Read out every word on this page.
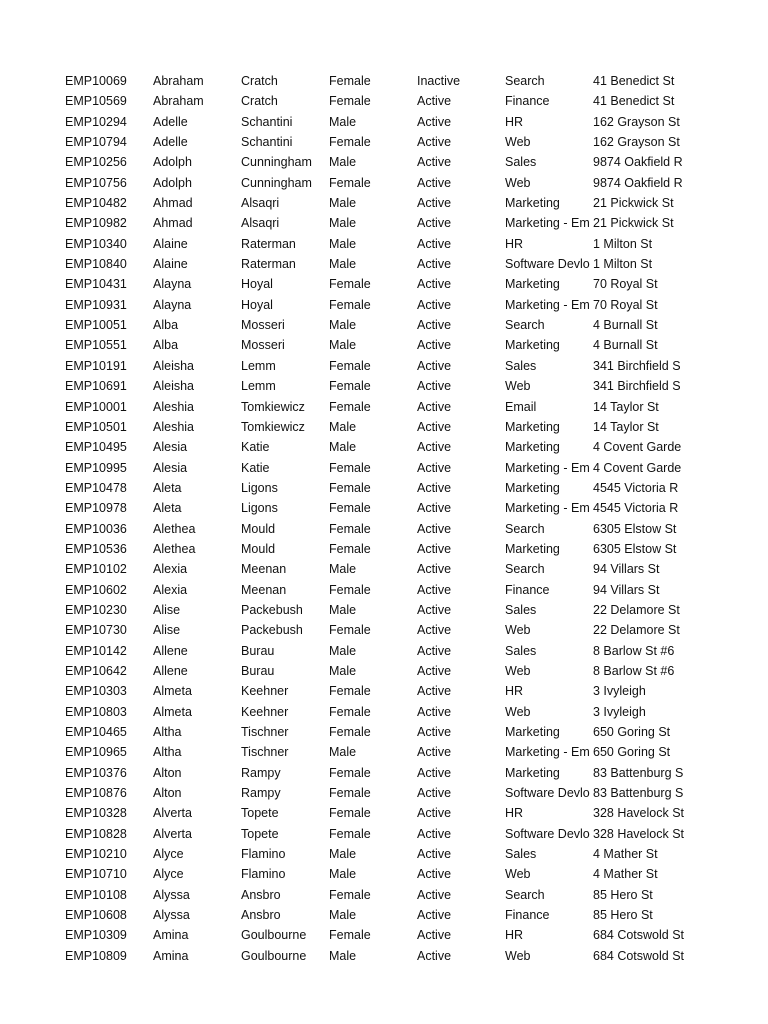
EMP10069	Abraham	Cratch	Female	Inactive	Search	41 Benedict St
EMP10569	Abraham	Cratch	Female	Active	Finance	41 Benedict St
EMP10294	Adelle	Schantini	Male	Active	HR	162 Grayson St
EMP10794	Adelle	Schantini	Female	Active	Web	162 Grayson St
EMP10256	Adolph	Cunningham	Male	Active	Sales	9874 Oakfield R
EMP10756	Adolph	Cunningham	Female	Active	Web	9874 Oakfield R
EMP10482	Ahmad	Alsaqri	Male	Active	Marketing	21 Pickwick St
EMP10982	Ahmad	Alsaqri	Male	Active	Marketing - Em 21 Pickwick St
EMP10340	Alaine	Raterman	Male	Active	HR	1 Milton St
EMP10840	Alaine	Raterman	Male	Active	Software Devlo 1 Milton St
EMP10431	Alayna	Hoyal	Female	Active	Marketing	70 Royal St
EMP10931	Alayna	Hoyal	Female	Active	Marketing - Em 70 Royal St
EMP10051	Alba	Mosseri	Male	Active	Search	4 Burnall St
EMP10551	Alba	Mosseri	Male	Active	Marketing	4 Burnall St
EMP10191	Aleisha	Lemm	Female	Active	Sales	341 Birchfield S
EMP10691	Aleisha	Lemm	Female	Active	Web	341 Birchfield S
EMP10001	Aleshia	Tomkiewicz	Female	Active	Email	14 Taylor St
EMP10501	Aleshia	Tomkiewicz	Male	Active	Marketing	14 Taylor St
EMP10495	Alesia	Katie	Male	Active	Marketing	4 Covent Garde
EMP10995	Alesia	Katie	Female	Active	Marketing - Em 4 Covent Garde
EMP10478	Aleta	Ligons	Female	Active	Marketing	4545 Victoria R
EMP10978	Aleta	Ligons	Female	Active	Marketing - Em 4545 Victoria R
EMP10036	Alethea	Mould	Female	Active	Search	6305 Elstow St
EMP10536	Alethea	Mould	Female	Active	Marketing	6305 Elstow St
EMP10102	Alexia	Meenan	Male	Active	Search	94 Villars St
EMP10602	Alexia	Meenan	Female	Active	Finance	94 Villars St
EMP10230	Alise	Packebush	Male	Active	Sales	22 Delamore St
EMP10730	Alise	Packebush	Female	Active	Web	22 Delamore St
EMP10142	Allene	Burau	Male	Active	Sales	8 Barlow St #6
EMP10642	Allene	Burau	Male	Active	Web	8 Barlow St #6
EMP10303	Almeta	Keehner	Female	Active	HR	3 Ivyleigh
EMP10803	Almeta	Keehner	Female	Active	Web	3 Ivyleigh
EMP10465	Altha	Tischner	Female	Active	Marketing	650 Goring St
EMP10965	Altha	Tischner	Male	Active	Marketing - Em 650 Goring St
EMP10376	Alton	Rampy	Female	Active	Marketing	83 Battenburg S
EMP10876	Alton	Rampy	Female	Active	Software Devlo 83 Battenburg S
EMP10328	Alverta	Topete	Female	Active	HR	328 Havelock St
EMP10828	Alverta	Topete	Female	Active	Software Devlo 328 Havelock St
EMP10210	Alyce	Flamino	Male	Active	Sales	4 Mather St
EMP10710	Alyce	Flamino	Male	Active	Web	4 Mather St
EMP10108	Alyssa	Ansbro	Female	Active	Search	85 Hero St
EMP10608	Alyssa	Ansbro	Male	Active	Finance	85 Hero St
EMP10309	Amina	Goulbourne	Female	Active	HR	684 Cotswold St
EMP10809	Amina	Goulbourne	Male	Active	Web	684 Cotswold St
